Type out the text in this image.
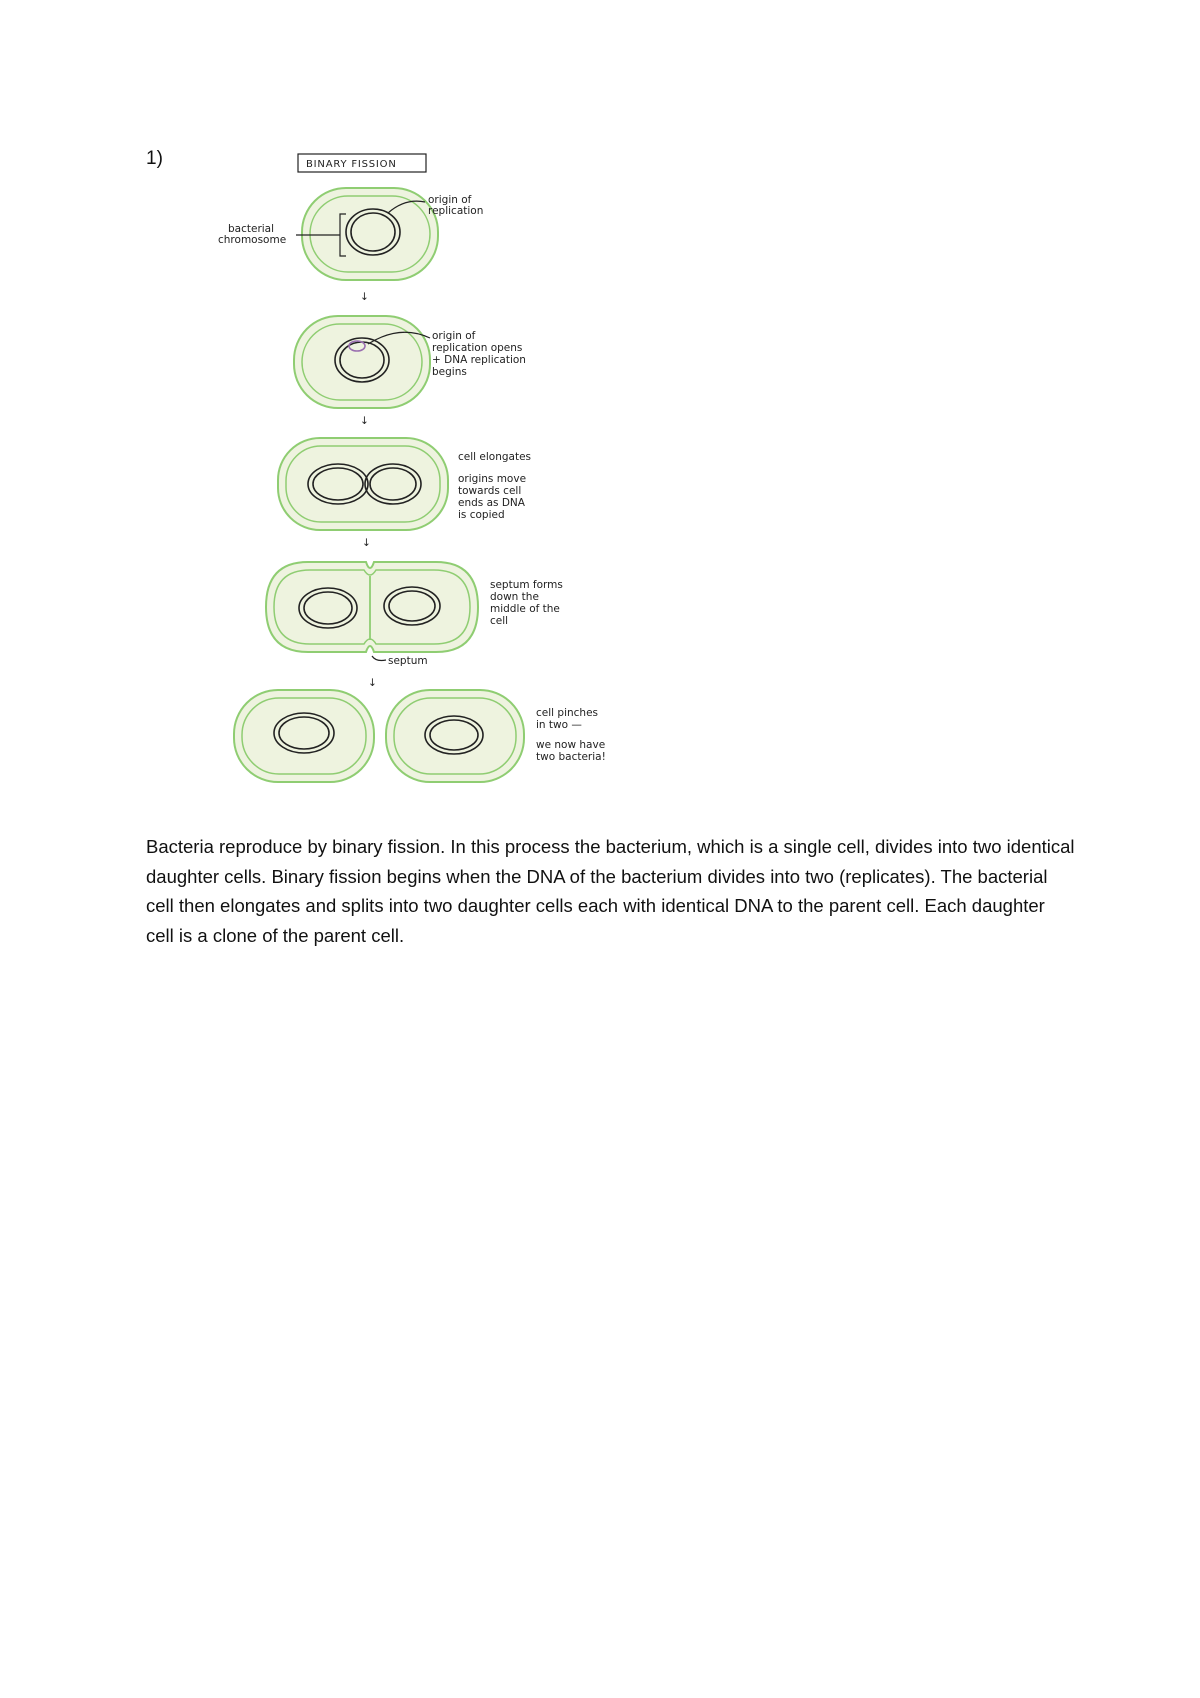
1)	BINARY FISSION
bacterial
chromosome
origin of
replication
↓
origin of
replication opens
+ DNA replication
begins
↓
cell elongates
origins move
towards cell
ends as DNA
is copied
↓
septum forms
down the
middle of the
cell
septum
↓
cell pinches
in two —
we now have
two bacteria!

Bacteria reproduce by binary fission. In this process the bacterium, which is a single cell, divides into two identical daughter cells. Binary fission begins when the DNA of the bacterium divides into two (replicates). The bacterial cell then elongates and splits into two daughter cells each with identical DNA to the parent cell. Each daughter cell is a clone of the parent cell.
